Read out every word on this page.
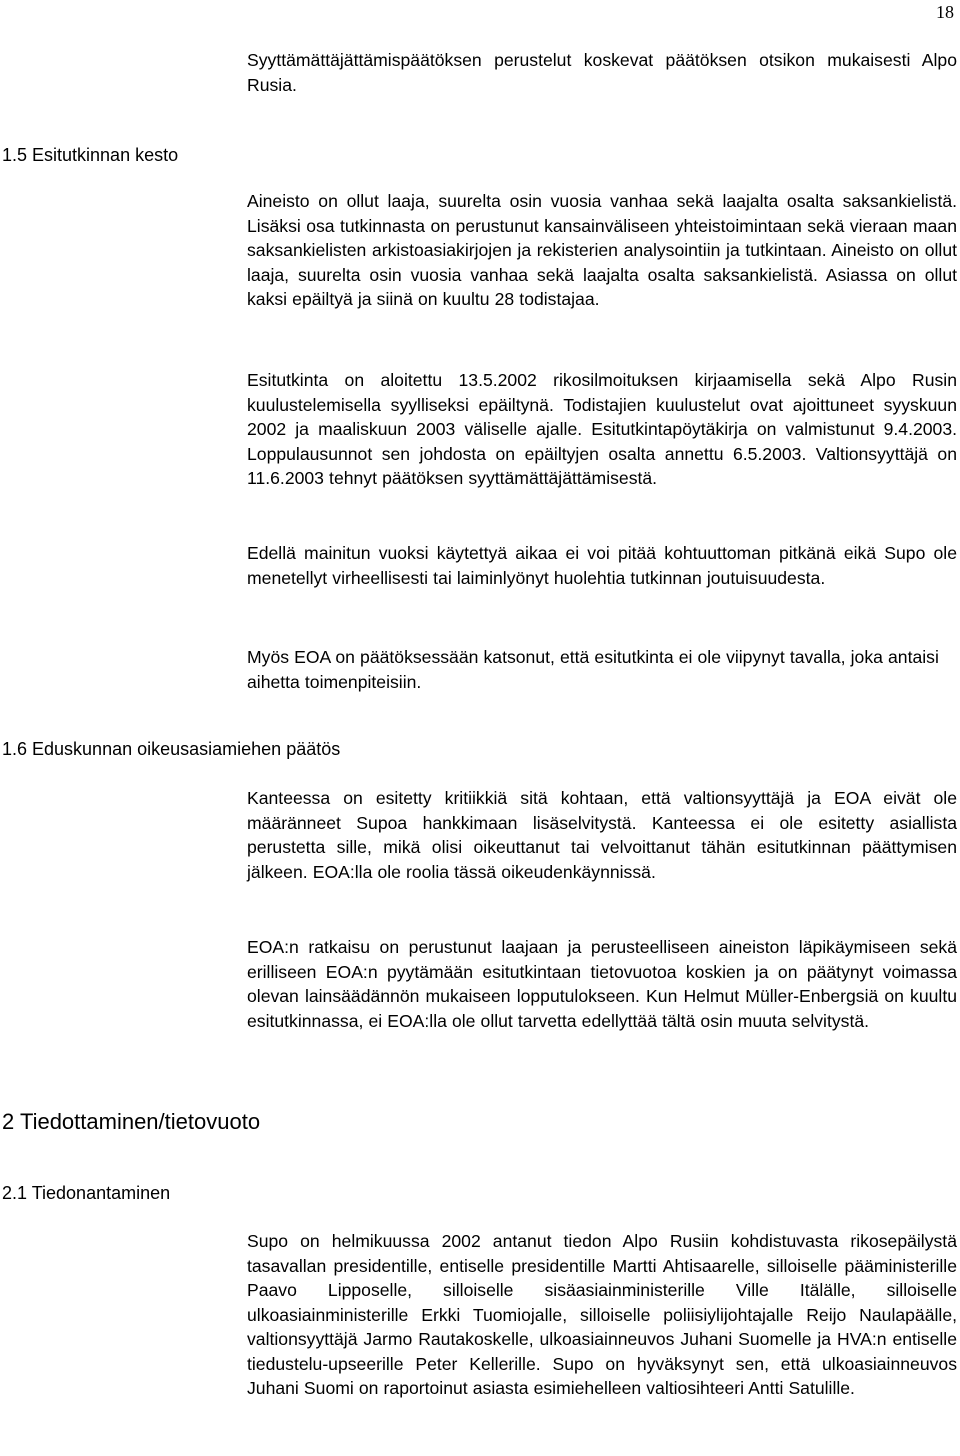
18

Syyttämättäjättämispäätöksen perustelut koskevat päätöksen otsikon mukaisesti Alpo Rusia.

1.5 Esitutkinnan kesto

Aineisto on ollut laaja, suurelta osin vuosia vanhaa sekä laajalta osalta saksankielistä. Lisäksi osa tutkinnasta on perustunut kansainväliseen yhteistoimintaan sekä vieraan maan saksankielisten arkistoasiakirjojen ja rekisterien analysointiin ja tutkintaan. Aineisto on ollut laaja, suurelta osin vuosia vanhaa sekä laajalta osalta saksankielistä. Asiassa on ollut kaksi epäiltyä ja siinä on kuultu 28 todistajaa.

Esitutkinta on aloitettu 13.5.2002 rikosilmoituksen kirjaamisella sekä Alpo Rusin kuulustelemisella syylliseksi epäiltynä. Todistajien kuulustelut ovat ajoittuneet syyskuun 2002 ja maaliskuun 2003 väliselle ajalle. Esitutkintapöytäkirja on valmistunut 9.4.2003. Loppulausunnot sen johdosta on epäiltyjen osalta annettu 6.5.2003. Valtionsyyttäjä on 11.6.2003 tehnyt päätöksen syyttämättäjättämisestä.

Edellä mainitun vuoksi käytettyä aikaa ei voi pitää kohtuuttoman pitkänä eikä Supo ole menetellyt virheellisesti tai laiminlyönyt huolehtia tutkinnan joutuisuudesta.

Myös EOA on päätöksessään katsonut, että esitutkinta ei ole viipynyt tavalla, joka antaisi aihetta toimenpiteisiin.

1.6 Eduskunnan oikeusasiamiehen päätös

Kanteessa on esitetty kritiikkiä sitä kohtaan, että valtionsyyttäjä ja EOA eivät ole määränneet Supoa hankkimaan lisäselvitystä. Kanteessa ei ole esitetty asiallista perustetta sille, mikä olisi oikeuttanut tai velvoittanut tähän esitutkinnan päättymisen jälkeen. EOA:lla ole roolia tässä oikeudenkäynnissä.

EOA:n ratkaisu on perustunut laajaan ja perusteelliseen aineiston läpikäymiseen sekä erilliseen EOA:n pyytämään esitutkintaan tietovuotoa koskien ja on päätynyt voimassa olevan lainsäädännön mukaiseen lopputulokseen. Kun Helmut Müller-Enbergsiä on kuultu esitutkinnassa, ei EOA:lla ole ollut tarvetta edellyttää tältä osin muuta selvitystä.

2 Tiedottaminen/tietovuoto
2.1 Tiedonantaminen

Supo on helmikuussa 2002 antanut tiedon Alpo Rusiin kohdistuvasta rikosepäilystä tasavallan presidentille, entiselle presidentille Martti Ahtisaarelle, silloiselle pääministerille Paavo Lipposelle, silloiselle sisäasiainministerille Ville Itälälle, silloiselle ulkoasiainministerille Erkki Tuomiojalle, silloiselle poliisiylijohtajalle Reijo Naulapäälle, valtionsyyttäjä Jarmo Rautakoskelle, ulkoasiainneuvos Juhani Suomelle ja HVA:n entiselle tiedustelu-upseerille Peter Kellerille. Supo on hyväksynyt sen, että ulkoasiainneuvos Juhani Suomi on raportoinut asiasta esimiehelleen valtiosihteeri Antti Satulille.
